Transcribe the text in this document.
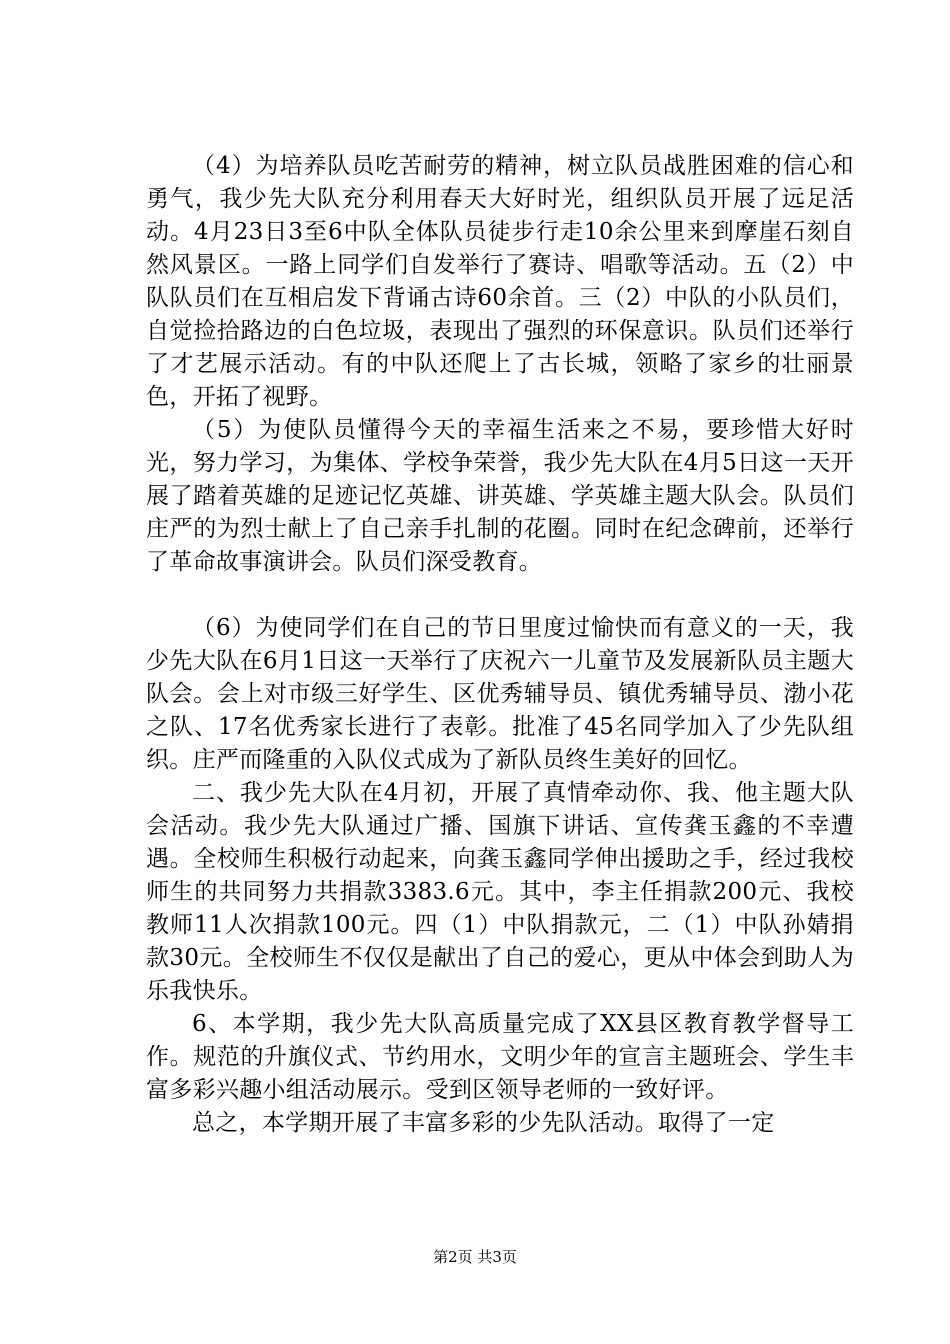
（4）为培养队员吃苦耐劳的精神，树立队员战胜困难的信心和勇气，我少先大队充分利用春天大好时光，组织队员开展了远足活动。4月23日3至6中队全体队员徒步行走10余公里来到摩崖石刻自然风景区。一路上同学们自发举行了赛诗、唱歌等活动。五（2）中队队员们在互相启发下背诵古诗60余首。三（2）中队的小队员们，自觉捡拾路边的白色垃圾，表现出了强烈的环保意识。队员们还举行了才艺展示活动。有的中队还爬上了古长城，领略了家乡的壮丽景色，开拓了视野。

（5）为使队员懂得今天的幸福生活来之不易，要珍惜大好时光，努力学习，为集体、学校争荣誉，我少先大队在4月5日这一天开展了踏着英雄的足迹记忆英雄、讲英雄、学英雄主题大队会。队员们庄严的为烈士献上了自己亲手扎制的花圈。同时在纪念碑前，还举行了革命故事演讲会。队员们深受教育。

（6）为使同学们在自己的节日里度过愉快而有意义的一天，我少先大队在6月1日这一天举行了庆祝六一儿童节及发展新队员主题大队会。会上对市级三好学生、区优秀辅导员、镇优秀辅导员、渤小花之队、17名优秀家长进行了表彰。批准了45名同学加入了少先队组织。庄严而隆重的入队仪式成为了新队员终生美好的回忆。

二、我少先大队在4月初，开展了真情牵动你、我、他主题大队会活动。我少先大队通过广播、国旗下讲话、宣传龚玉鑫的不幸遭遇。全校师生积极行动起来，向龚玉鑫同学伸出援助之手，经过我校师生的共同努力共捐款3383.6元。其中，李主任捐款200元、我校教师11人次捐款100元。四（1）中队捐款元，二（1）中队孙婧捐款30元。全校师生不仅仅是献出了自己的爱心，更从中体会到助人为乐我快乐。

6、本学期，我少先大队高质量完成了XX县区教育教学督导工作。规范的升旗仪式、节约用水，文明少年的宣言主题班会、学生丰富多彩兴趣小组活动展示。受到区领导老师的一致好评。

总之，本学期开展了丰富多彩的少先队活动。取得了一定

第2页 共3页
